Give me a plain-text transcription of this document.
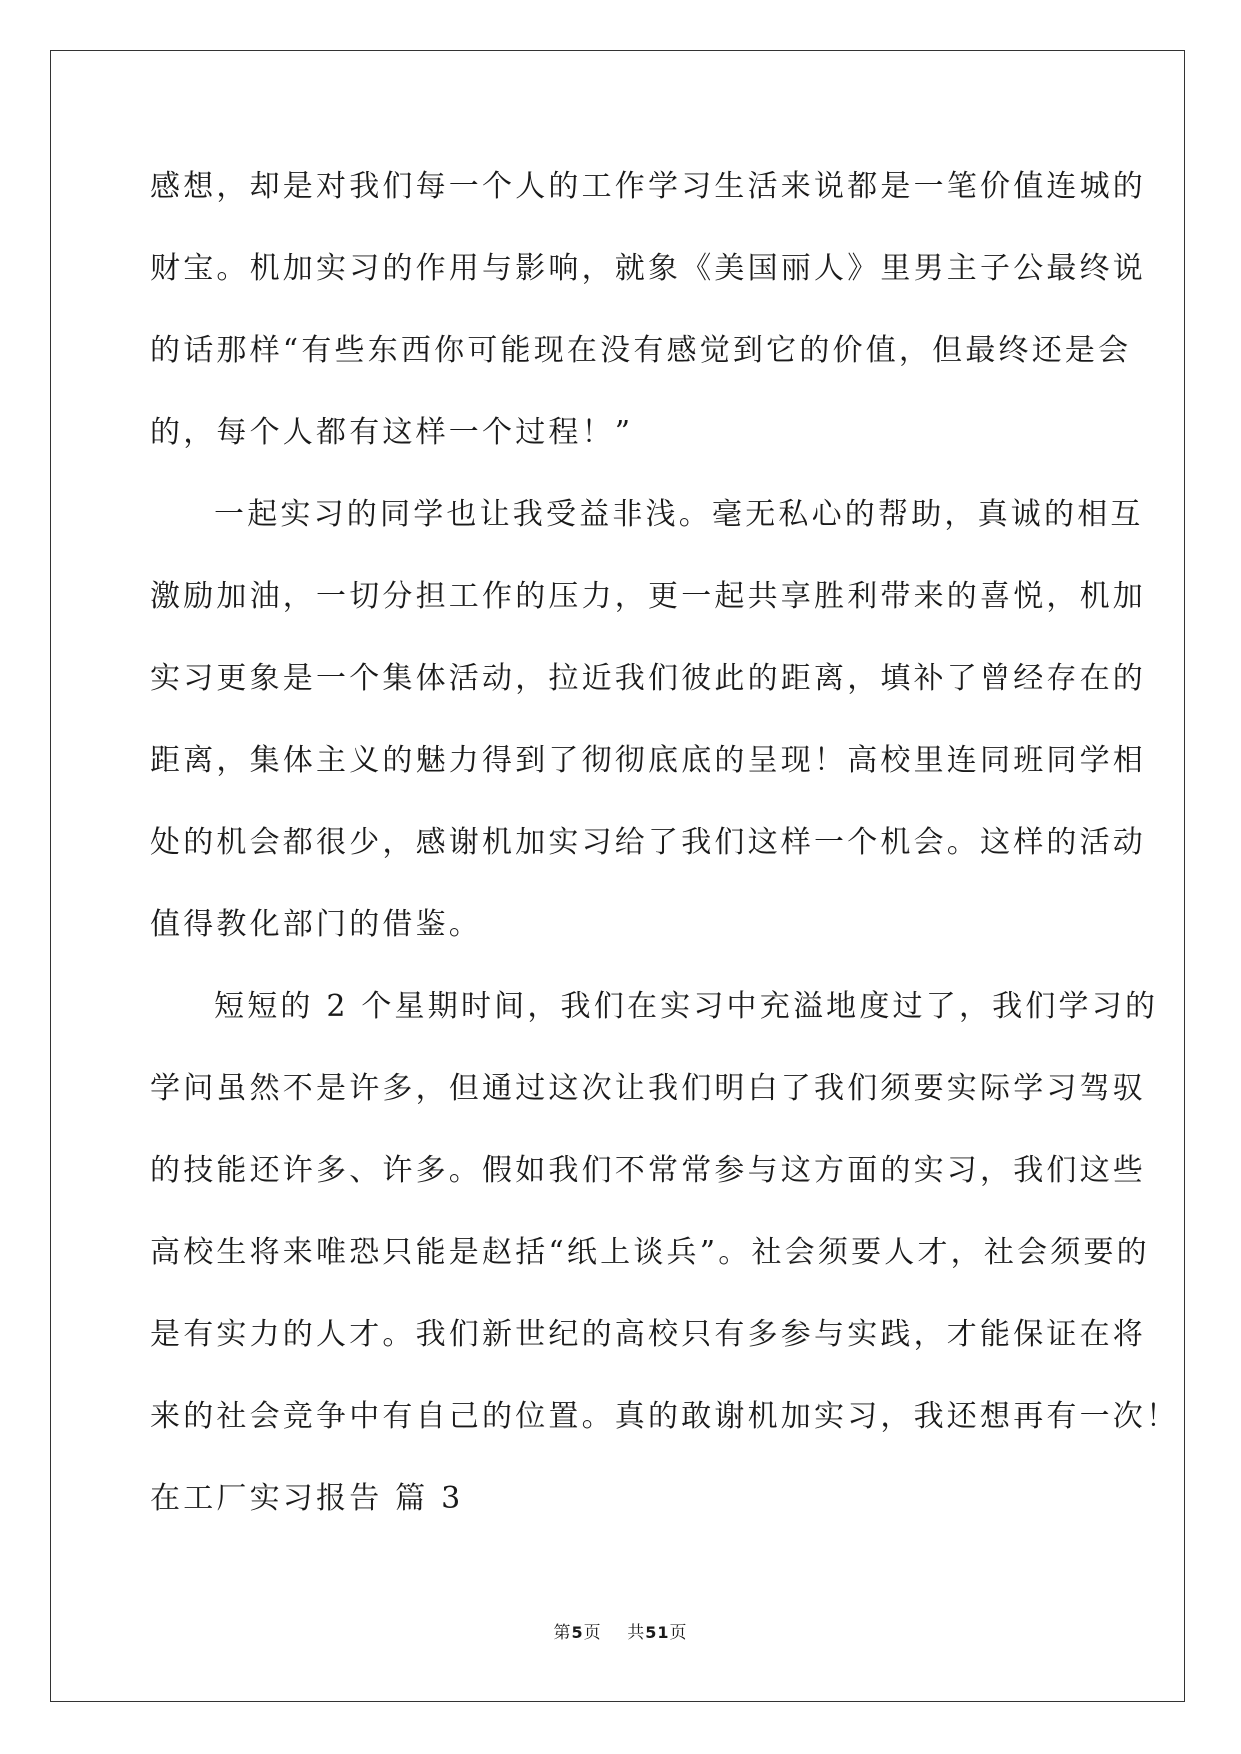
感想，却是对我们每一个人的工作学习生活来说都是一笔价值连城的
财宝。机加实习的作用与影响，就象《美国丽人》里男主子公最终说
的话那样“有些东西你可能现在没有感觉到它的价值，但最终还是会
的，每个人都有这样一个过程！”
一起实习的同学也让我受益非浅。毫无私心的帮助，真诚的相互
激励加油，一切分担工作的压力，更一起共享胜利带来的喜悦，机加
实习更象是一个集体活动，拉近我们彼此的距离，填补了曾经存在的
距离，集体主义的魅力得到了彻彻底底的呈现！高校里连同班同学相
处的机会都很少，感谢机加实习给了我们这样一个机会。这样的活动
值得教化部门的借鉴。
短短的 2 个星期时间，我们在实习中充溢地度过了，我们学习的
学问虽然不是许多，但通过这次让我们明白了我们须要实际学习驾驭
的技能还许多、许多。假如我们不常常参与这方面的实习，我们这些
高校生将来唯恐只能是赵括“纸上谈兵”。社会须要人才，社会须要的
是有实力的人才。我们新世纪的高校只有多参与实践，才能保证在将
来的社会竞争中有自己的位置。真的敢谢机加实习，我还想再有一次！
在工厂实习报告 篇 3
第5页 共51页
